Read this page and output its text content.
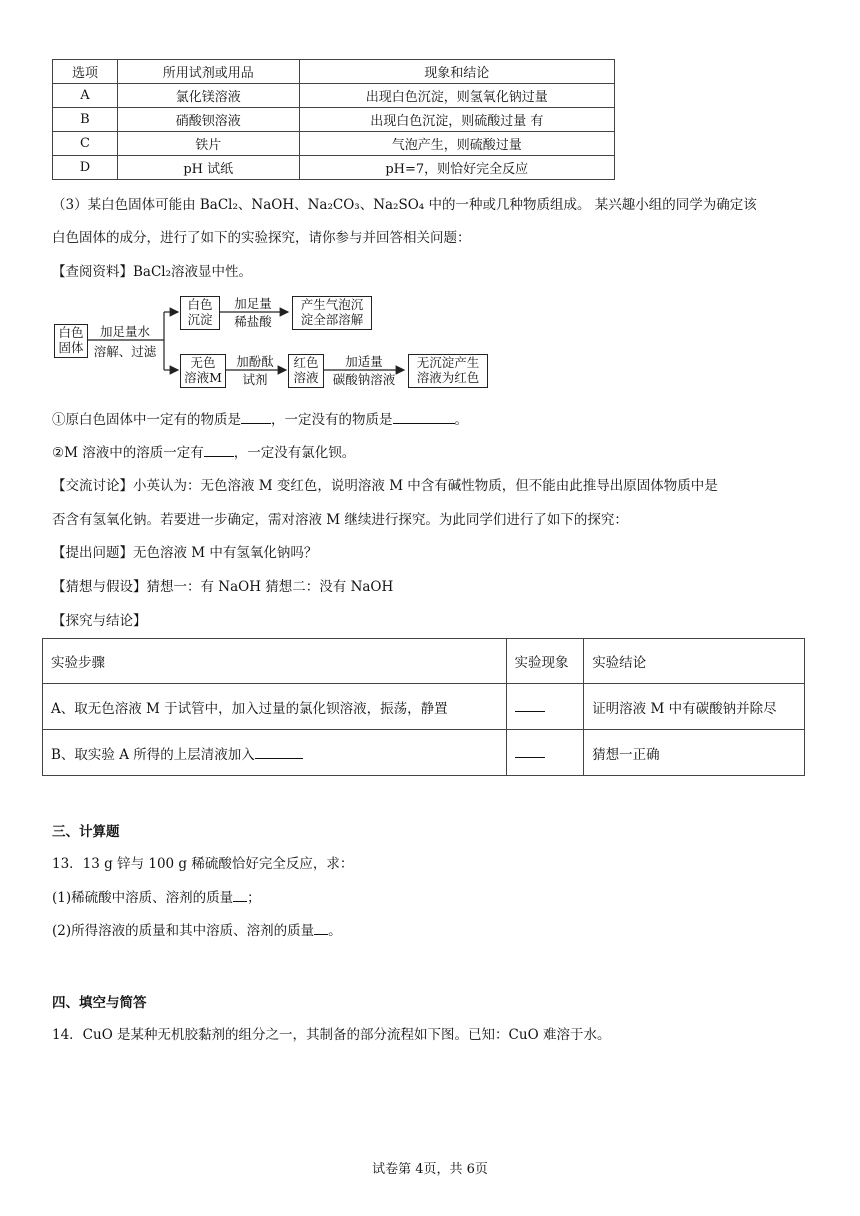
选项	所用试剂或用品	现象和结论
A	氯化镁溶液	出现白色沉淀，则氢氧化钠过量
B	硝酸钡溶液	出现白色沉淀，则硫酸过量 有
C	铁片	气泡产生，则硫酸过量
D	pH 试纸	pH=7，则恰好完全反应
（3）某白色固体可能由 BaCl₂、NaOH、Na₂CO₃、Na₂SO₄ 中的一种或几种物质组成。 某兴趣小组的同学为确定该
白色固体的成分，进行了如下的实验探究，请你参与并回答相关问题：
【查阅资料】BaCl₂溶液显中性。
白色
固体
加足量水
溶解、过滤
白色
沉淀
加足量
稀盐酸
产生气泡沉
淀全部溶解
无色
溶液M
加酚酞
试剂
红色
溶液
加适量
碳酸钠溶液
无沉淀产生
溶液为红色
①原白色固体中一定有的物质是 ，一定没有的物质是	。
②M 溶液中的溶质一定有 ，一定没有氯化钡。
【交流讨论】小英认为：无色溶液 M 变红色，说明溶液 M 中含有碱性物质，但不能由此推导出原固体物质中是
否含有氢氧化钠。若要进一步确定，需对溶液 M 继续进行探究。为此同学们进行了如下的探究：
【提出问题】无色溶液 M 中有氢氧化钠吗？
【猜想与假设】猜想一：有 NaOH 猜想二：没有 NaOH
【探究与结论】
实验步骤	实验现象	实验结论
A、取无色溶液 M 于试管中，加入过量的氯化钡溶液，振荡，静置		证明溶液 M 中有碳酸钠并除尽
B、取实验 A 所得的上层清液加入		猜想一正确
三、计算题
13．13 g 锌与 100 g 稀硫酸恰好完全反应，求：
(1)稀硫酸中溶质、溶剂的质量 ；
(2)所得溶液的质量和其中溶质、溶剂的质量 。
四、填空与简答
14．CuO 是某种无机胶黏剂的组分之一，其制备的部分流程如下图。已知：CuO 难溶于水。
试卷第 4页，共 6页
